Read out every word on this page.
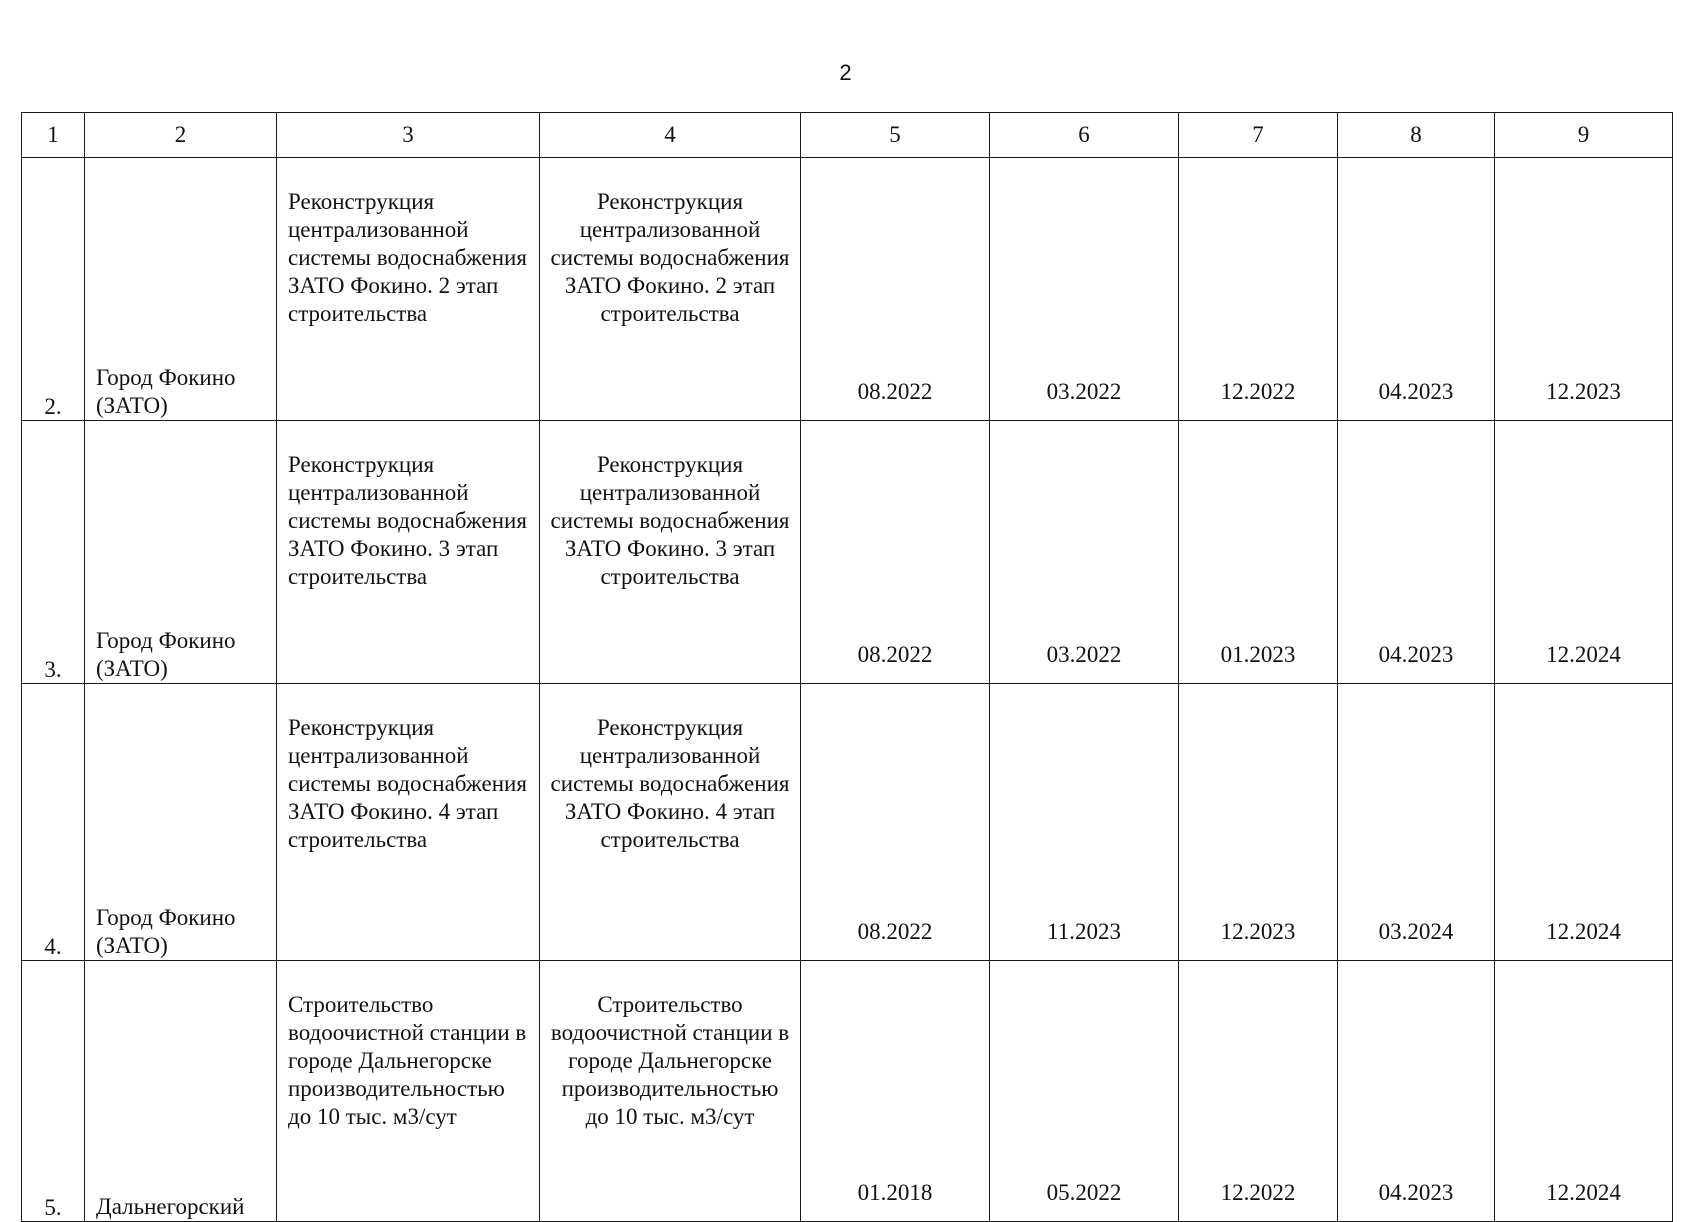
2
1	2	3	4	5	6	7	8	9

2.	Город Фокино (ЗАТО)	Реконструкция централизованной системы водоснабжения ЗАТО Фокино. 2 этап строительства	Реконструкция централизованной системы водоснабжения ЗАТО Фокино. 2 этап строительства	08.2022	03.2022	12.2022	04.2023	12.2023

3.	Город Фокино (ЗАТО)	Реконструкция централизованной системы водоснабжения ЗАТО Фокино. 3 этап строительства	Реконструкция централизованной системы водоснабжения ЗАТО Фокино. 3 этап строительства	08.2022	03.2022	01.2023	04.2023	12.2024

4.	Город Фокино (ЗАТО)	Реконструкция централизованной системы водоснабжения ЗАТО Фокино. 4 этап строительства	Реконструкция централизованной системы водоснабжения ЗАТО Фокино. 4 этап строительства	08.2022	11.2023	12.2023	03.2024	12.2024

5.	Дальнегорский	Строительство водоочистной станции в городе Дальнегорске производительностью до 10 тыс. м3/сут	Строительство водоочистной станции в городе Дальнегорске производительностью до 10 тыс. м3/сут	01.2018	05.2022	12.2022	04.2023	12.2024
